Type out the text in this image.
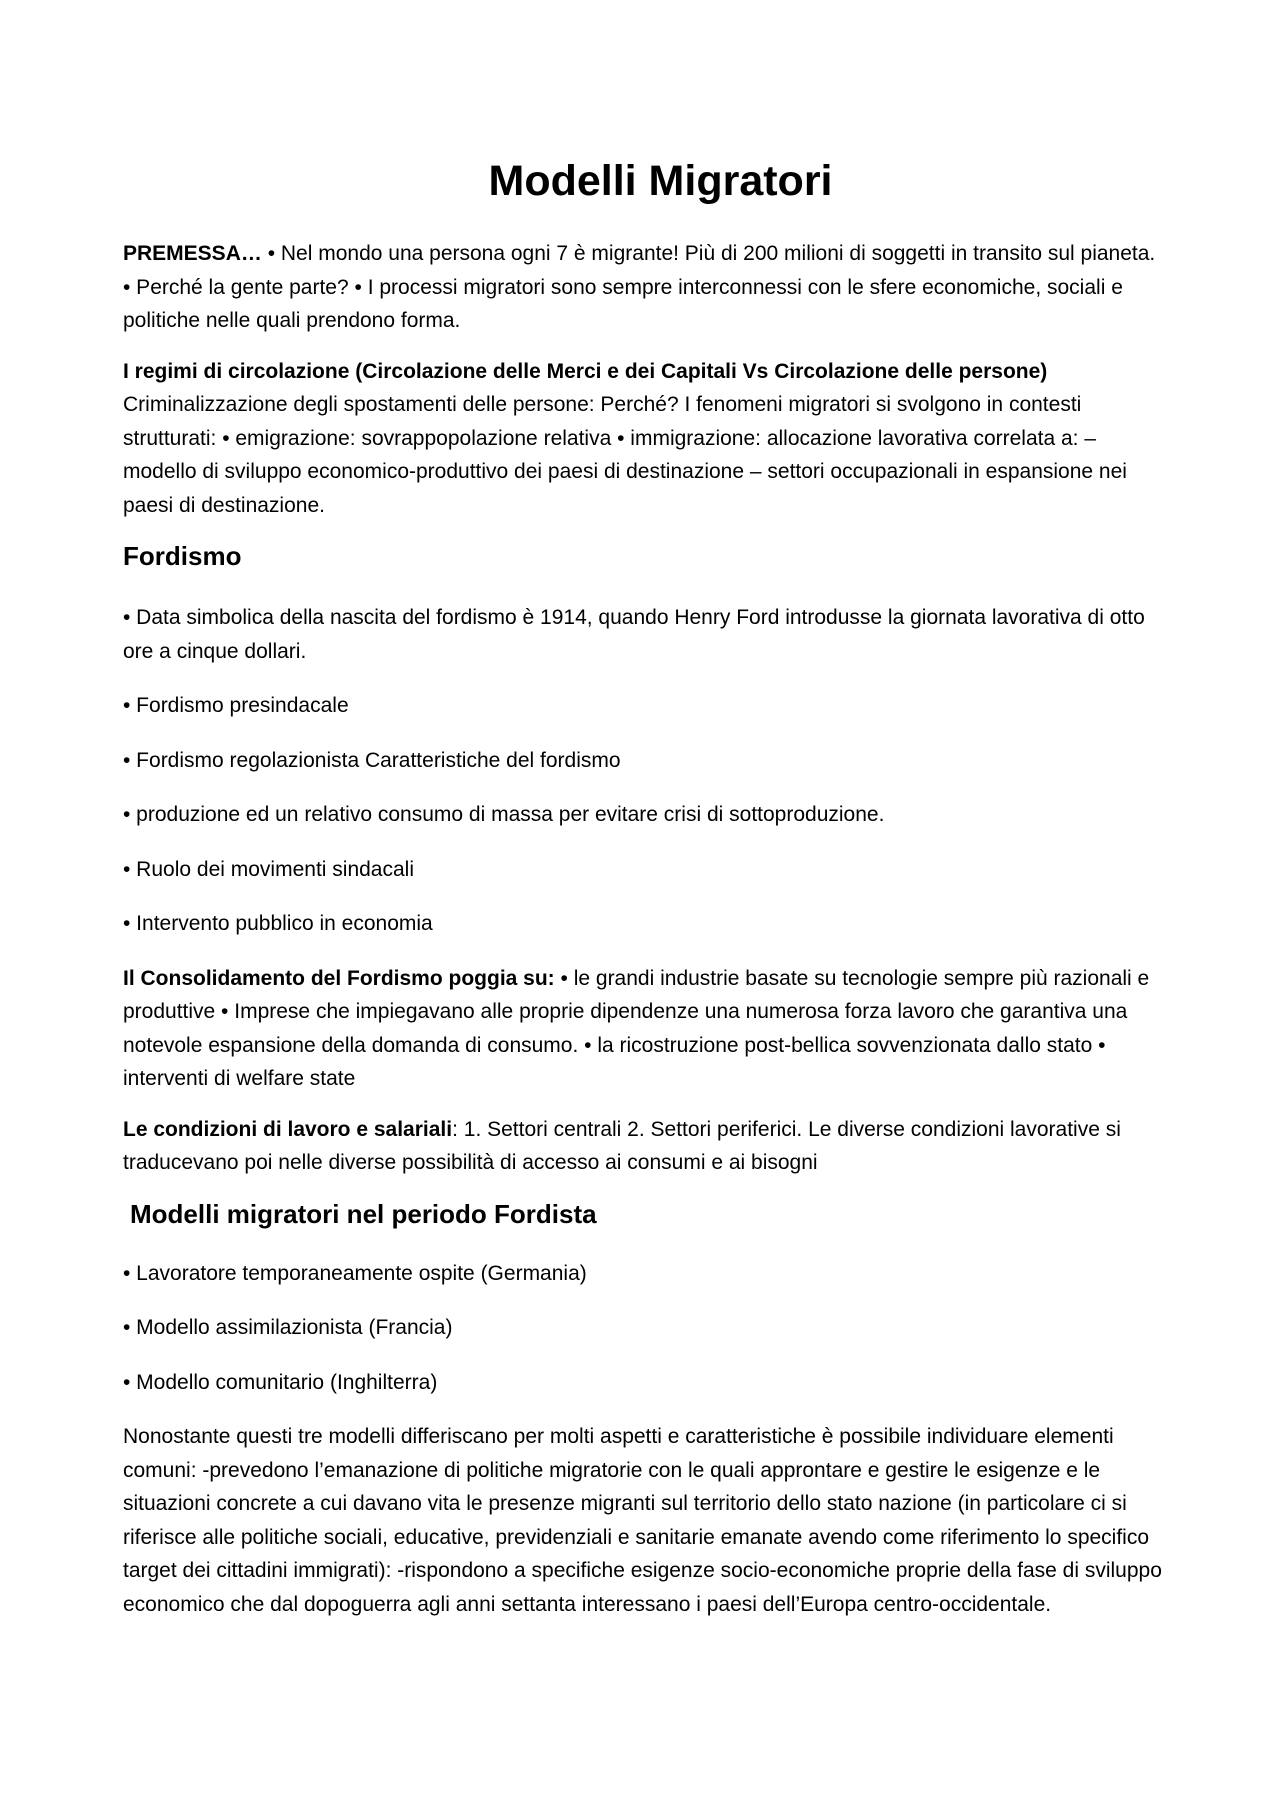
Modelli Migratori

PREMESSA… • Nel mondo una persona ogni 7 è migrante! Più di 200 milioni di soggetti in transito sul pianeta. • Perché la gente parte? • I processi migratori sono sempre interconnessi con le sfere economiche, sociali e politiche nelle quali prendono forma.

I regimi di circolazione (Circolazione delle Merci e dei Capitali Vs Circolazione delle persone)
Criminalizzazione degli spostamenti delle persone: Perché? I fenomeni migratori si svolgono in contesti strutturati: • emigrazione: sovrappopolazione relativa • immigrazione: allocazione lavorativa correlata a: – modello di sviluppo economico-produttivo dei paesi di destinazione – settori occupazionali in espansione nei paesi di destinazione.

Fordismo

• Data simbolica della nascita del fordismo è 1914, quando Henry Ford introdusse la giornata lavorativa di otto ore a cinque dollari.

• Fordismo presindacale

• Fordismo regolazionista Caratteristiche del fordismo

• produzione ed un relativo consumo di massa per evitare crisi di sottoproduzione.

• Ruolo dei movimenti sindacali

• Intervento pubblico in economia

Il Consolidamento del Fordismo poggia su: • le grandi industrie basate su tecnologie sempre più razionali e produttive • Imprese che impiegavano alle proprie dipendenze una numerosa forza lavoro che garantiva una notevole espansione della domanda di consumo. • la ricostruzione post-bellica sovvenzionata dallo stato • interventi di welfare state

Le condizioni di lavoro e salariali: 1. Settori centrali 2. Settori periferici. Le diverse condizioni lavorative si traducevano poi nelle diverse possibilità di accesso ai consumi e ai bisogni

Modelli migratori nel periodo Fordista

• Lavoratore temporaneamente ospite (Germania)

• Modello assimilazionista (Francia)

• Modello comunitario (Inghilterra)

Nonostante questi tre modelli differiscano per molti aspetti e caratteristiche è possibile individuare elementi comuni: -prevedono l’emanazione di politiche migratorie con le quali approntare e gestire le esigenze e le situazioni concrete a cui davano vita le presenze migranti sul territorio dello stato nazione (in particolare ci si riferisce alle politiche sociali, educative, previdenziali e sanitarie emanate avendo come riferimento lo specifico target dei cittadini immigrati): -rispondono a specifiche esigenze socio-economiche proprie della fase di sviluppo economico che dal dopoguerra agli anni settanta interessano i paesi dell’Europa centro-occidentale.
